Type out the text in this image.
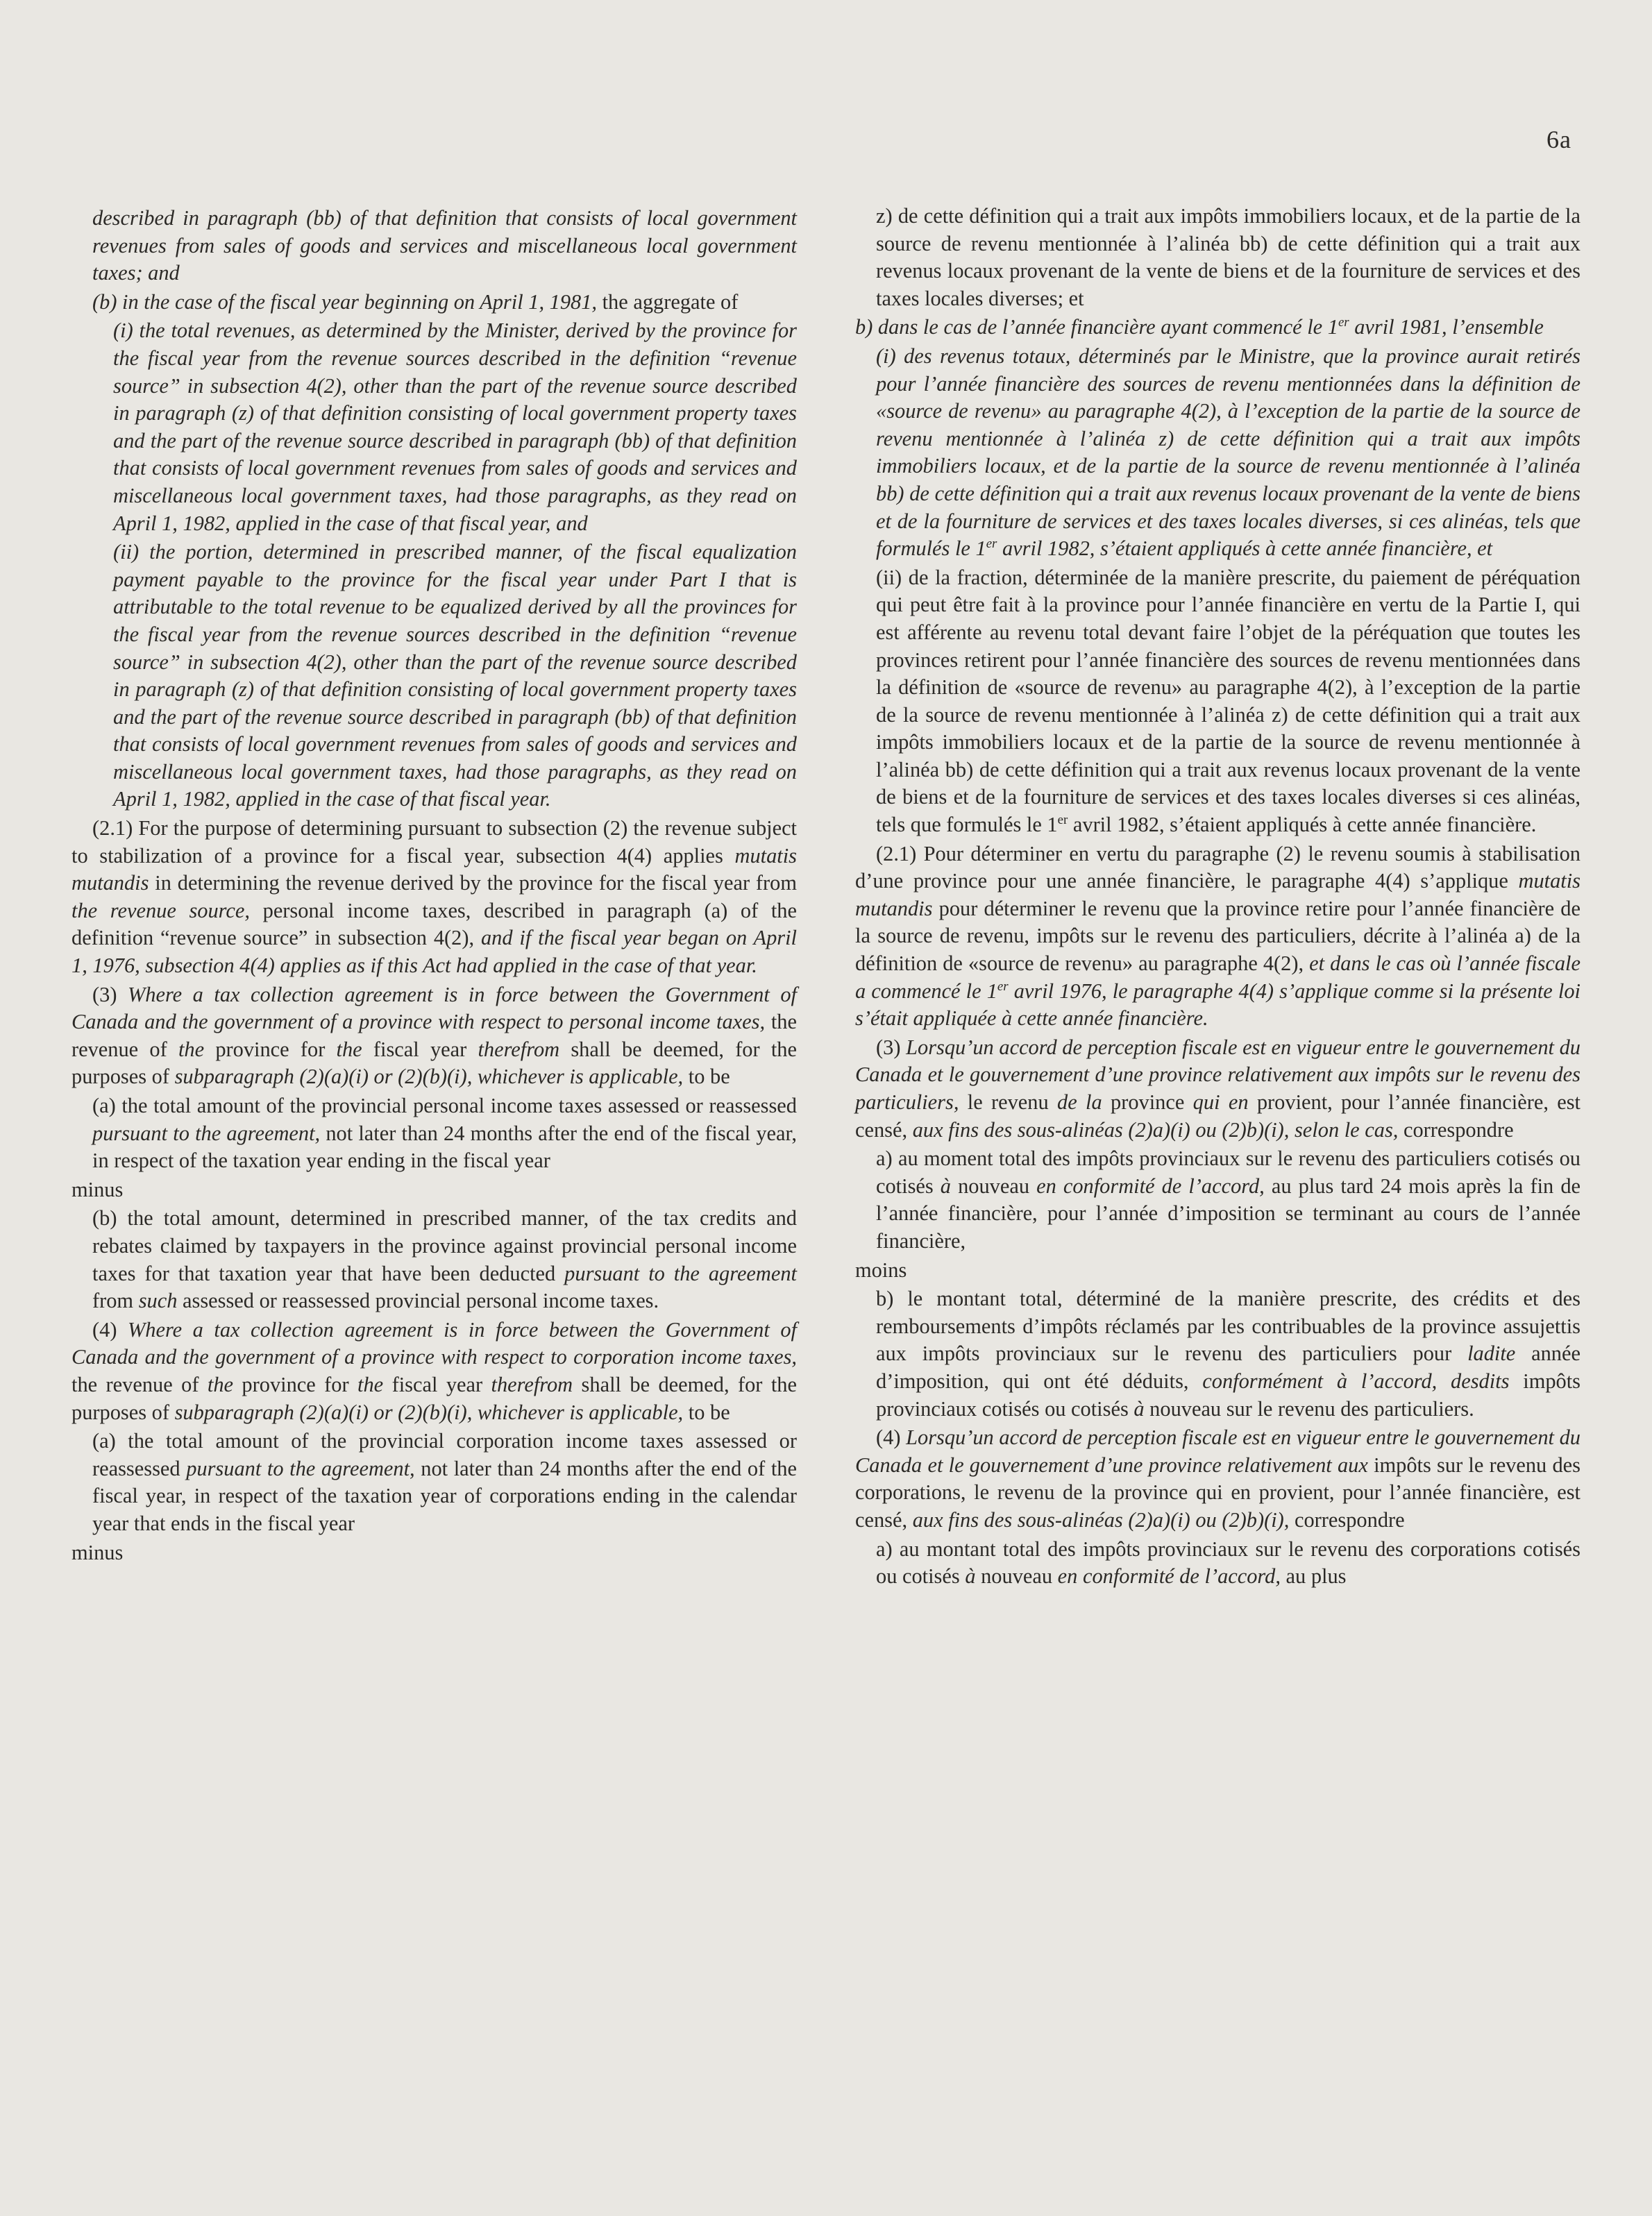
6a

described in paragraph (bb) of that definition that consists of local government revenues from sales of goods and services and miscellaneous local government taxes; and

(b) in the case of the fiscal year beginning on April 1, 1981, the aggregate of

(i) the total revenues, as determined by the Minister, derived by the province for the fiscal year from the revenue sources described in the definition “revenue source” in subsection 4(2), other than the part of the revenue source described in paragraph (z) of that definition consisting of local government property taxes and the part of the revenue source described in paragraph (bb) of that definition that consists of local government revenues from sales of goods and services and miscellaneous local government taxes, had those paragraphs, as they read on April 1, 1982, applied in the case of that fiscal year, and

(ii) the portion, determined in prescribed manner, of the fiscal equalization payment payable to the province for the fiscal year under Part I that is attributable to the total revenue to be equalized derived by all the provinces for the fiscal year from the revenue sources described in the definition “revenue source” in subsection 4(2), other than the part of the revenue source described in paragraph (z) of that definition consisting of local government property taxes and the part of the revenue source described in paragraph (bb) of that definition that consists of local government revenues from sales of goods and services and miscellaneous local government taxes, had those paragraphs, as they read on April 1, 1982, applied in the case of that fiscal year.

(2.1) For the purpose of determining pursuant to subsection (2) the revenue subject to stabilization of a province for a fiscal year, subsection 4(4) applies mutatis mutandis in determining the revenue derived by the province for the fiscal year from the revenue source, personal income taxes, described in paragraph (a) of the definition “revenue source” in subsection 4(2), and if the fiscal year began on April 1, 1976, subsection 4(4) applies as if this Act had applied in the case of that year.

(3) Where a tax collection agreement is in force between the Government of Canada and the government of a province with respect to personal income taxes, the revenue of the province for the fiscal year therefrom shall be deemed, for the purposes of subparagraph (2)(a)(i) or (2)(b)(i), whichever is applicable, to be

(a) the total amount of the provincial personal income taxes assessed or reassessed pursuant to the agreement, not later than 24 months after the end of the fiscal year, in respect of the taxation year ending in the fiscal year

minus

(b) the total amount, determined in prescribed manner, of the tax credits and rebates claimed by taxpayers in the province against provincial personal income taxes for that taxation year that have been deducted pursuant to the agreement from such assessed or reassessed provincial personal income taxes.

(4) Where a tax collection agreement is in force between the Government of Canada and the government of a province with respect to corporation income taxes, the revenue of the province for the fiscal year therefrom shall be deemed, for the purposes of subparagraph (2)(a)(i) or (2)(b)(i), whichever is applicable, to be

(a) the total amount of the provincial corporation income taxes assessed or reassessed pursuant to the agreement, not later than 24 months after the end of the fiscal year, in respect of the taxation year of corporations ending in the calendar year that ends in the fiscal year

minus

z) de cette définition qui a trait aux impôts immobiliers locaux, et de la partie de la source de revenu mentionnée à l’alinéa bb) de cette définition qui a trait aux revenus locaux provenant de la vente de biens et de la fourniture de services et des taxes locales diverses; et

b) dans le cas de l’année financière ayant commencé le 1er avril 1981, l’ensemble

(i) des revenus totaux, déterminés par le Ministre, que la province aurait retirés pour l’année financière des sources de revenu mentionnées dans la définition de «source de revenu» au paragraphe 4(2), à l’exception de la partie de la source de revenu mentionnée à l’alinéa z) de cette définition qui a trait aux impôts immobiliers locaux, et de la partie de la source de revenu mentionnée à l’alinéa bb) de cette définition qui a trait aux revenus locaux provenant de la vente de biens et de la fourniture de services et des taxes locales diverses, si ces alinéas, tels que formulés le 1er avril 1982, s’étaient appliqués à cette année financière, et

(ii) de la fraction, déterminée de la manière prescrite, du paiement de péréquation qui peut être fait à la province pour l’année financière en vertu de la Partie I, qui est afférente au revenu total devant faire l’objet de la péréquation que toutes les provinces retirent pour l’année financière des sources de revenu mentionnées dans la définition de «source de revenu» au paragraphe 4(2), à l’exception de la partie de la source de revenu mentionnée à l’alinéa z) de cette définition qui a trait aux impôts immobiliers locaux et de la partie de la source de revenu mentionnée à l’alinéa bb) de cette définition qui a trait aux revenus locaux provenant de la vente de biens et de la fourniture de services et des taxes locales diverses si ces alinéas, tels que formulés le 1er avril 1982, s’étaient appliqués à cette année financière.

(2.1) Pour déterminer en vertu du paragraphe (2) le revenu soumis à stabilisation d’une province pour une année financière, le paragraphe 4(4) s’applique mutatis mutandis pour déterminer le revenu que la province retire pour l’année financière de la source de revenu, impôts sur le revenu des particuliers, décrite à l’alinéa a) de la définition de «source de revenu» au paragraphe 4(2), et dans le cas où l’année fiscale a commencé le 1er avril 1976, le paragraphe 4(4) s’applique comme si la présente loi s’était appliquée à cette année financière.

(3) Lorsqu’un accord de perception fiscale est en vigueur entre le gouvernement du Canada et le gouvernement d’une province relativement aux impôts sur le revenu des particuliers, le revenu de la province qui en provient, pour l’année financière, est censé, aux fins des sous-alinéas (2)a)(i) ou (2)b)(i), selon le cas, correspondre

a) au moment total des impôts provinciaux sur le revenu des particuliers cotisés ou cotisés à nouveau en conformité de l’accord, au plus tard 24 mois après la fin de l’année financière, pour l’année d’imposition se terminant au cours de l’année financière,

moins

b) le montant total, déterminé de la manière prescrite, des crédits et des remboursements d’impôts réclamés par les contribuables de la province assujettis aux impôts provinciaux sur le revenu des particuliers pour ladite année d’imposition, qui ont été déduits, conformément à l’accord, desdits impôts provinciaux cotisés ou cotisés à nouveau sur le revenu des particuliers.

(4) Lorsqu’un accord de perception fiscale est en vigueur entre le gouvernement du Canada et le gouvernement d’une province relativement aux impôts sur le revenu des corporations, le revenu de la province qui en provient, pour l’année financière, est censé, aux fins des sous-alinéas (2)a)(i) ou (2)b)(i), correspondre

a) au montant total des impôts provinciaux sur le revenu des corporations cotisés ou cotisés à nouveau en conformité de l’accord, au plus
